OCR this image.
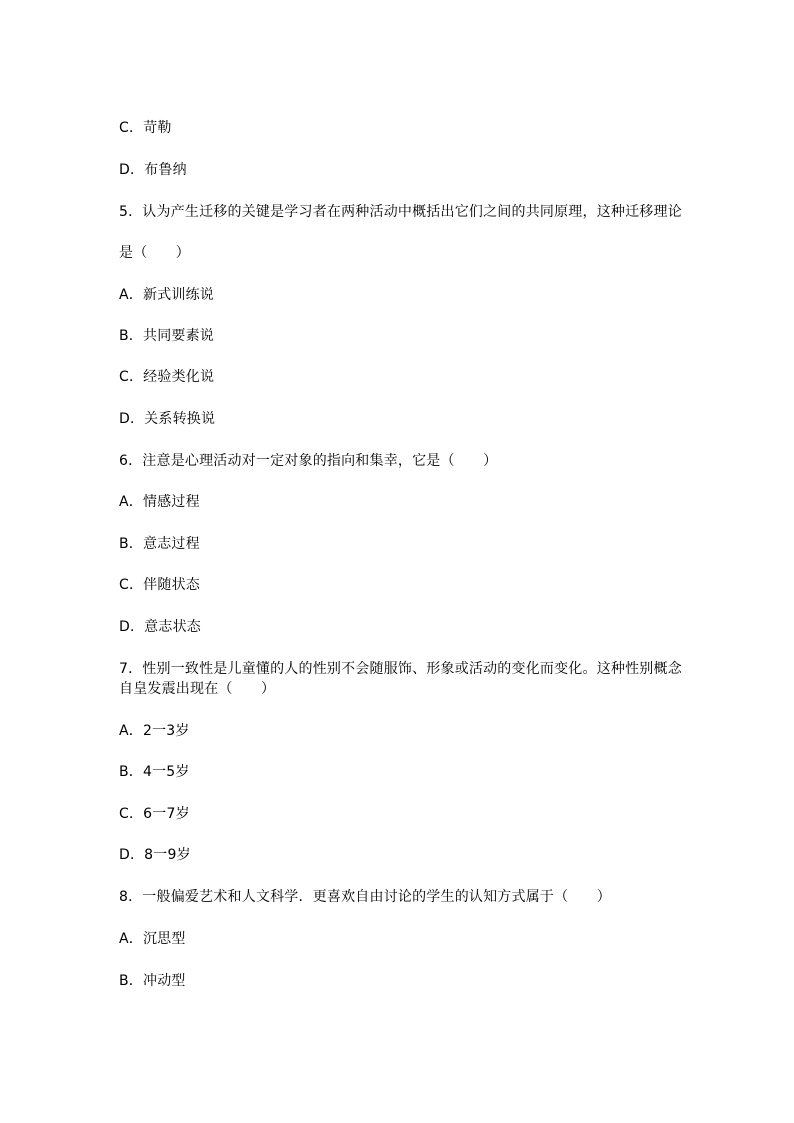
C．苛勒
D．布鲁纳
5．认为产生迁移的关键是学习者在两种活动中概括出它们之间的共同原理，这种迁移理论
是（　　）
A．新式训练说
B．共同要素说
C．经验类化说
D．关系转换说
6．注意是心理活动对一定对象的指向和集幸，它是（　　）
A．情感过程
B．意志过程
C．伴随状态
D．意志状态
7．性别一致性是儿童懂的人的性别不会随服饰、形象或活动的变化而变化。这种性别概念
自皇发震出现在（　　）
A．2一3岁
B．4一5岁
C．6一7岁
D．8一9岁
8．一般偏爱艺术和人文科学．更喜欢自由讨论的学生的认知方式属于（　　）
A．沉思型
B．冲动型
